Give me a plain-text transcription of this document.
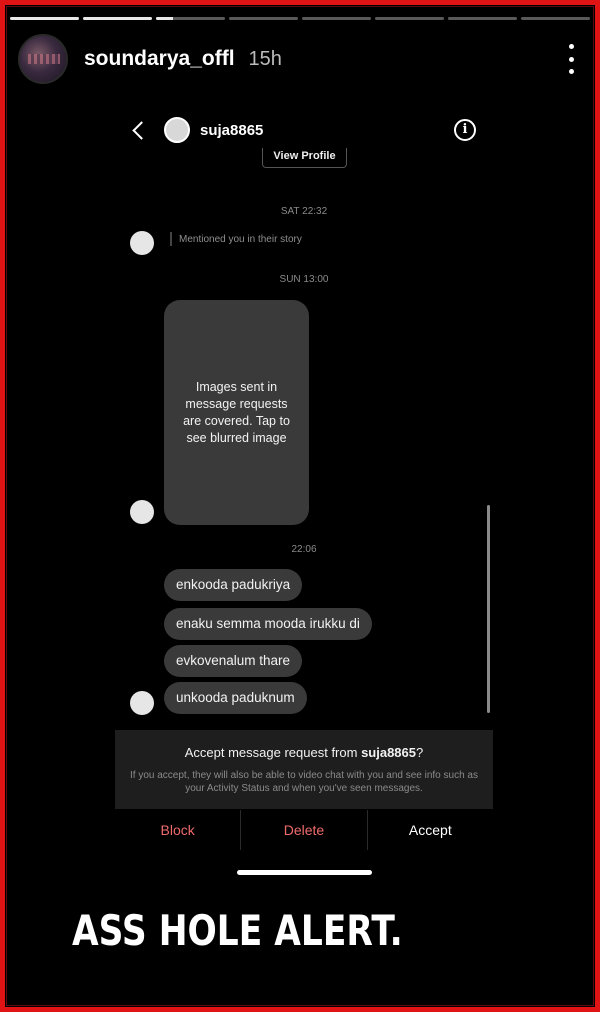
soundarya_offl 15h
suja8865	i
View Profile
SAT 22:32
Mentioned you in their story
SUN 13:00
Images sent in message requests are covered. Tap to see blurred image
22:06
enkooda padukriya
enaku semma mooda irukku di
evkovenalum thare
unkooda paduknum
Accept message request from suja8865?
If you accept, they will also be able to video chat with you and see info such as your Activity Status and when you've seen messages.
Block	Delete	Accept
ASS HOLE ALERT.
